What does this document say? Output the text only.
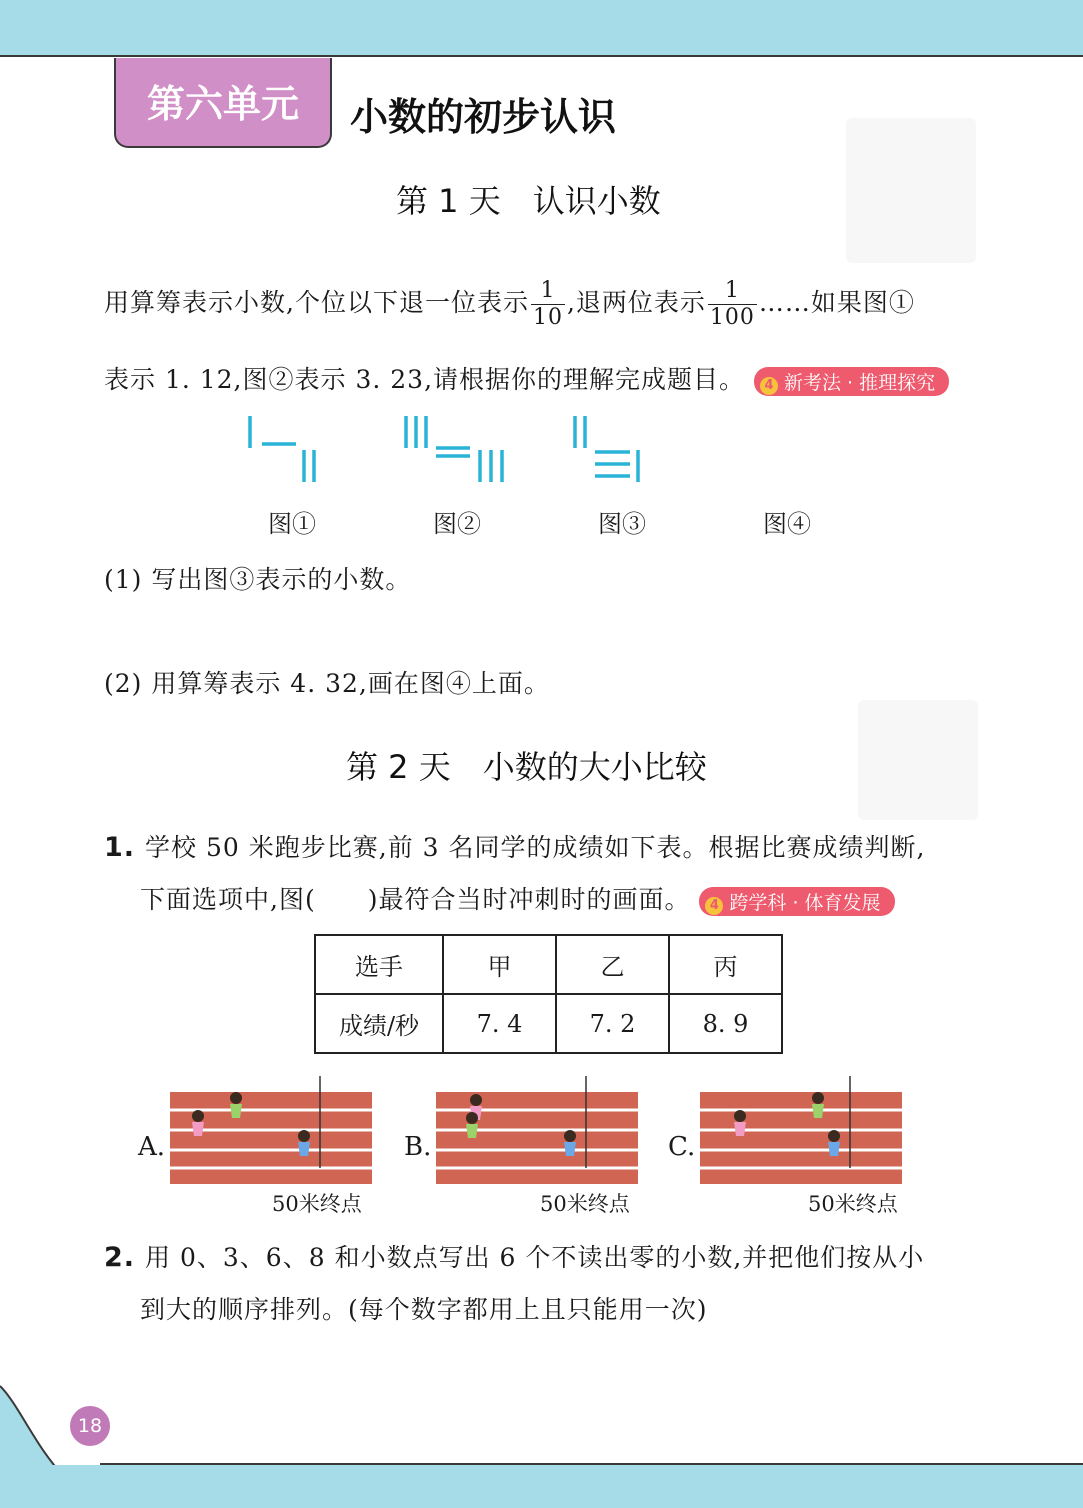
第六单元	小数的初步认识
第 1 天　认识小数
用算筹表示小数,个位以下退一位表示 $\frac{1}{10}$ ,退两位表示 $\frac{1}{100}$ ……如果图①
表示 1. 12,图②表示 3. 23,请根据你的理解完成题目。 4 新考法 · 推理探究
图①	图②	图③	图④
(1) 写出图③表示的小数。
(2) 用算筹表示 4. 32,画在图④上面。
第 2 天　小数的大小比较
1. 学校 50 米跑步比赛,前 3 名同学的成绩如下表。根据比赛成绩判断,
下面选项中,图(　　)最符合当时冲刺时的画面。 4 跨学科 · 体育发展
选手	甲	乙	丙
成绩/秒	7. 4	7. 2	8. 9
A.	B.	C.
50米终点	50米终点	50米终点
2. 用 0、3、6、8 和小数点写出 6 个不读出零的小数,并把他们按从小
到大的顺序排列。(每个数字都用上且只能用一次)
18
